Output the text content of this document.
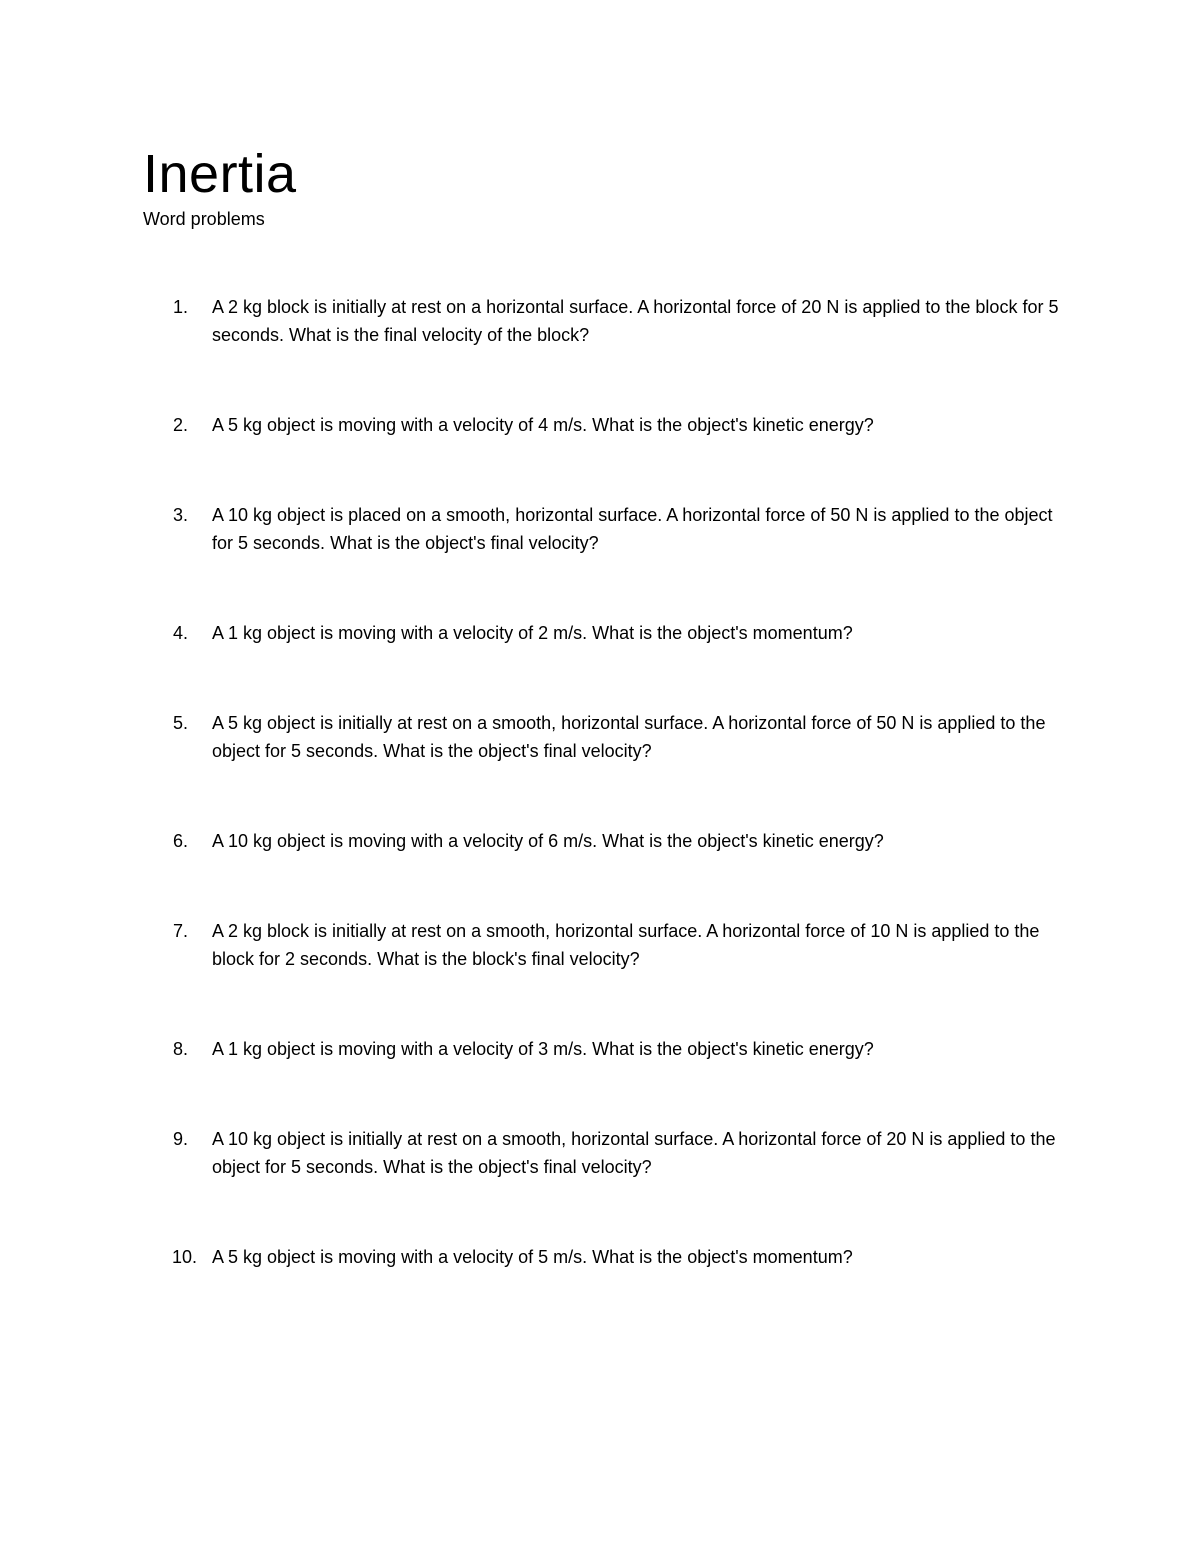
Inertia

Word problems

1.	A 2 kg block is initially at rest on a horizontal surface. A horizontal force of 20 N is applied to the block for 5 seconds. What is the final velocity of the block?
2.	A 5 kg object is moving with a velocity of 4 m/s. What is the object's kinetic energy?
3.	A 10 kg object is placed on a smooth, horizontal surface. A horizontal force of 50 N is applied to the object for 5 seconds. What is the object's final velocity?
4.	A 1 kg object is moving with a velocity of 2 m/s. What is the object's momentum?
5.	A 5 kg object is initially at rest on a smooth, horizontal surface. A horizontal force of 50 N is applied to the object for 5 seconds. What is the object's final velocity?
6.	A 10 kg object is moving with a velocity of 6 m/s. What is the object's kinetic energy?
7.	A 2 kg block is initially at rest on a smooth, horizontal surface. A horizontal force of 10 N is applied to the block for 2 seconds. What is the block's final velocity?
8.	A 1 kg object is moving with a velocity of 3 m/s. What is the object's kinetic energy?
9.	A 10 kg object is initially at rest on a smooth, horizontal surface. A horizontal force of 20 N is applied to the object for 5 seconds. What is the object's final velocity?
10. A 5 kg object is moving with a velocity of 5 m/s. What is the object's momentum?
